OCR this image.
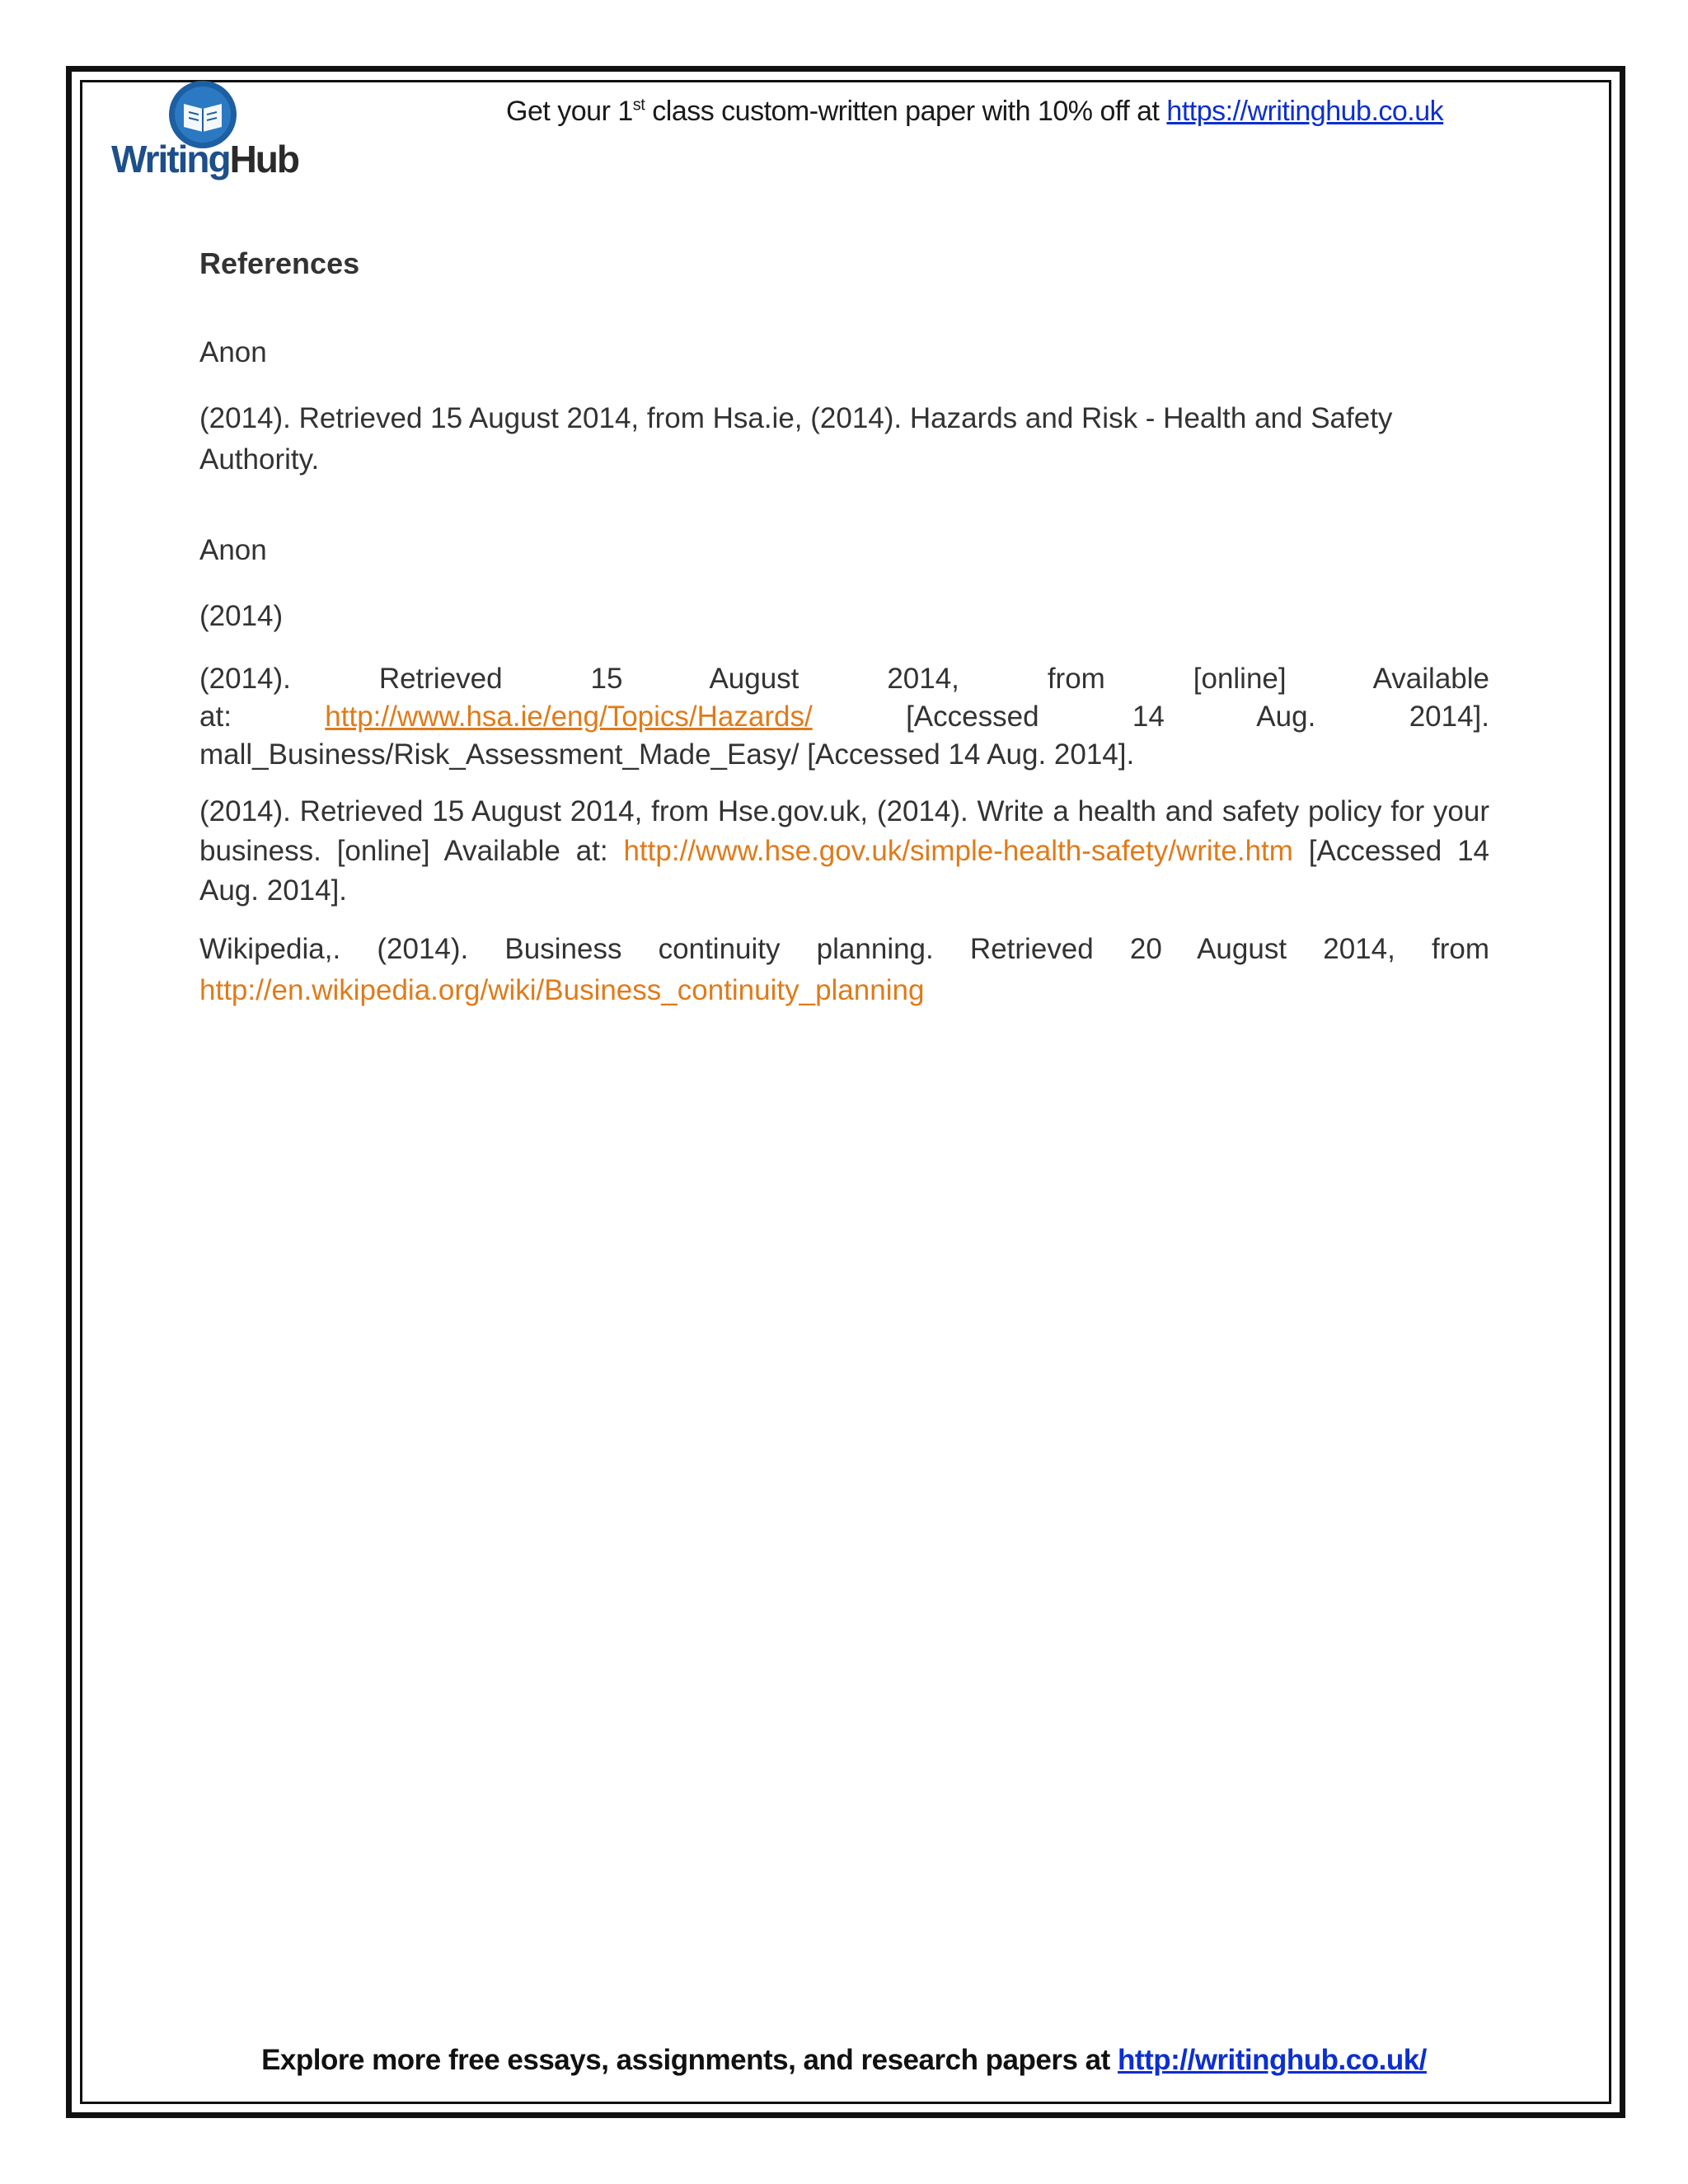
WritingHub
Get your 1st class custom-written paper with 10% off at https://writinghub.co.uk
References
Anon
(2014). Retrieved 15 August 2014, from Hsa.ie, (2014). Hazards and Risk - Health and Safety Authority.
Anon
(2014)
(2014). Retrieved 15 August 2014, from [online] Available
at: http://www.hsa.ie/eng/Topics/Hazards/ [Accessed 14 Aug. 2014].
mall_Business/Risk_Assessment_Made_Easy/ [Accessed 14 Aug. 2014].
(2014). Retrieved 15 August 2014, from Hse.gov.uk, (2014). Write a health and safety policy for your business. [online] Available at: http://www.hse.gov.uk/simple-health-safety/write.htm [Accessed 14 Aug. 2014].
Wikipedia,. (2014). Business continuity planning. Retrieved 20 August 2014, from http://en.wikipedia.org/wiki/Business_continuity_planning
Explore more free essays, assignments, and research papers at http://writinghub.co.uk/
